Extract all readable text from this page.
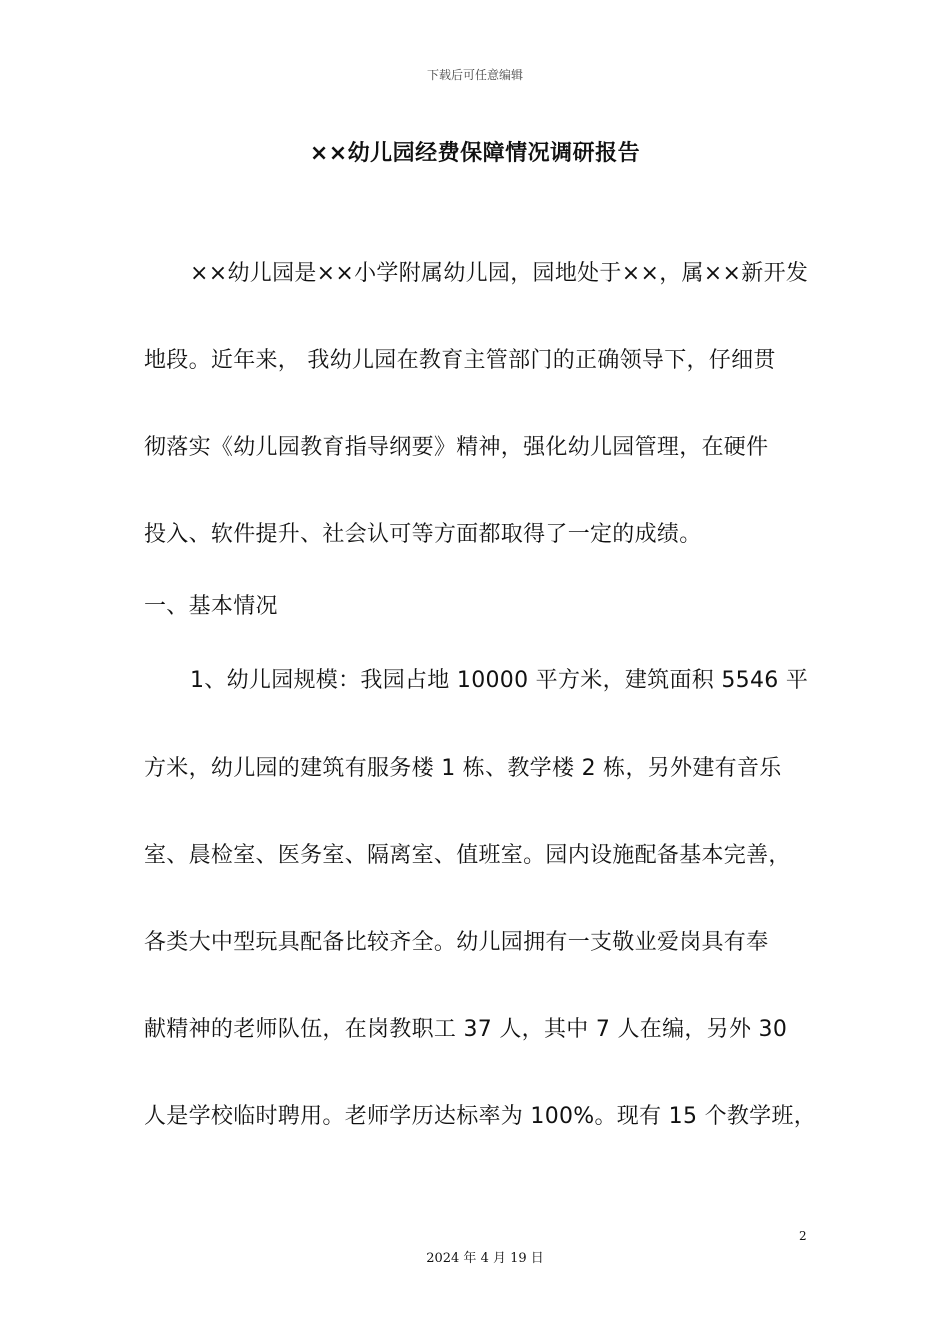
下载后可任意编辑
××幼儿园经费保障情况调研报告
××幼儿园是××小学附属幼儿园，园地处于××，属××新开发
地段。近年来， 我幼儿园在教育主管部门的正确领导下，仔细贯
彻落实《幼儿园教育指导纲要》精神，强化幼儿园管理，在硬件
投入、软件提升、社会认可等方面都取得了一定的成绩。
一、基本情况
1、幼儿园规模：我园占地 10000 平方米，建筑面积 5546 平
方米，幼儿园的建筑有服务楼 1 栋、教学楼 2 栋，另外建有音乐
室、晨检室、医务室、隔离室、值班室。园内设施配备基本完善，
各类大中型玩具配备比较齐全。幼儿园拥有一支敬业爱岗具有奉
献精神的老师队伍，在岗教职工 37 人，其中 7 人在编，另外 30
人是学校临时聘用。老师学历达标率为 100%。现有 15 个教学班，
2
2024 年 4 月 19 日
